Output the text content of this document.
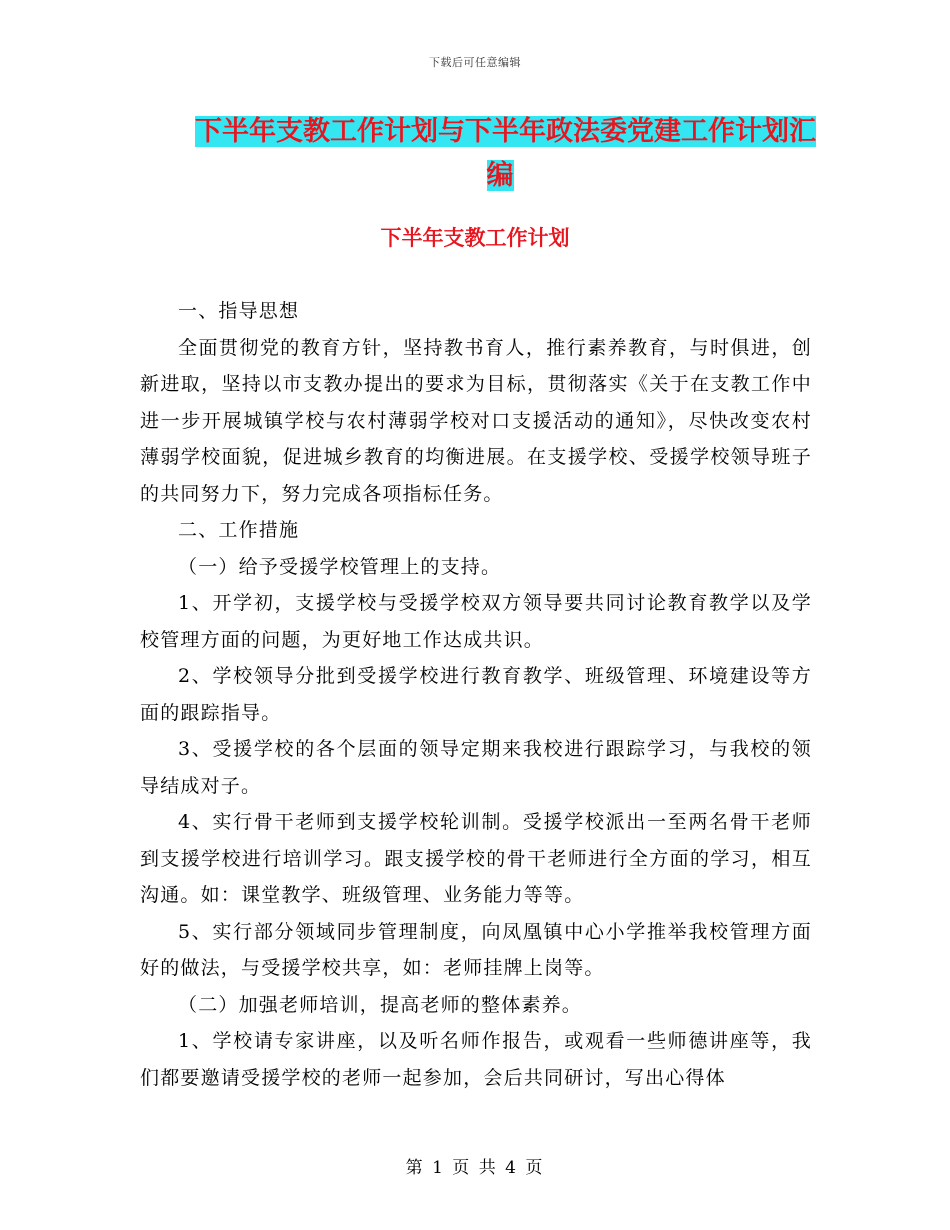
下载后可任意编辑
下半年支教工作计划与下半年政法委党建工作计划汇
编
下半年支教工作计划

一、指导思想

全面贯彻党的教育方针，坚持教书育人，推行素养教育，与时俱进，创新进取，坚持以市支教办提出的要求为目标，贯彻落实《关于在支教工作中进一步开展城镇学校与农村薄弱学校对口支援活动的通知》，尽快改变农村薄弱学校面貌，促进城乡教育的均衡进展。在支援学校、受援学校领导班子的共同努力下，努力完成各项指标任务。

二、工作措施

（一）给予受援学校管理上的支持。

1、开学初，支援学校与受援学校双方领导要共同讨论教育教学以及学校管理方面的问题，为更好地工作达成共识。

2、学校领导分批到受援学校进行教育教学、班级管理、环境建设等方面的跟踪指导。

3、受援学校的各个层面的领导定期来我校进行跟踪学习，与我校的领导结成对子。

4、实行骨干老师到支援学校轮训制。受援学校派出一至两名骨干老师到支援学校进行培训学习。跟支援学校的骨干老师进行全方面的学习，相互沟通。如：课堂教学、班级管理、业务能力等等。

5、实行部分领域同步管理制度，向凤凰镇中心小学推举我校管理方面好的做法，与受援学校共享，如：老师挂牌上岗等。

（二）加强老师培训，提高老师的整体素养。

1、学校请专家讲座，以及听名师作报告，或观看一些师德讲座等，我们都要邀请受援学校的老师一起参加，会后共同研讨，写出心得体

第 1 页 共 4 页
